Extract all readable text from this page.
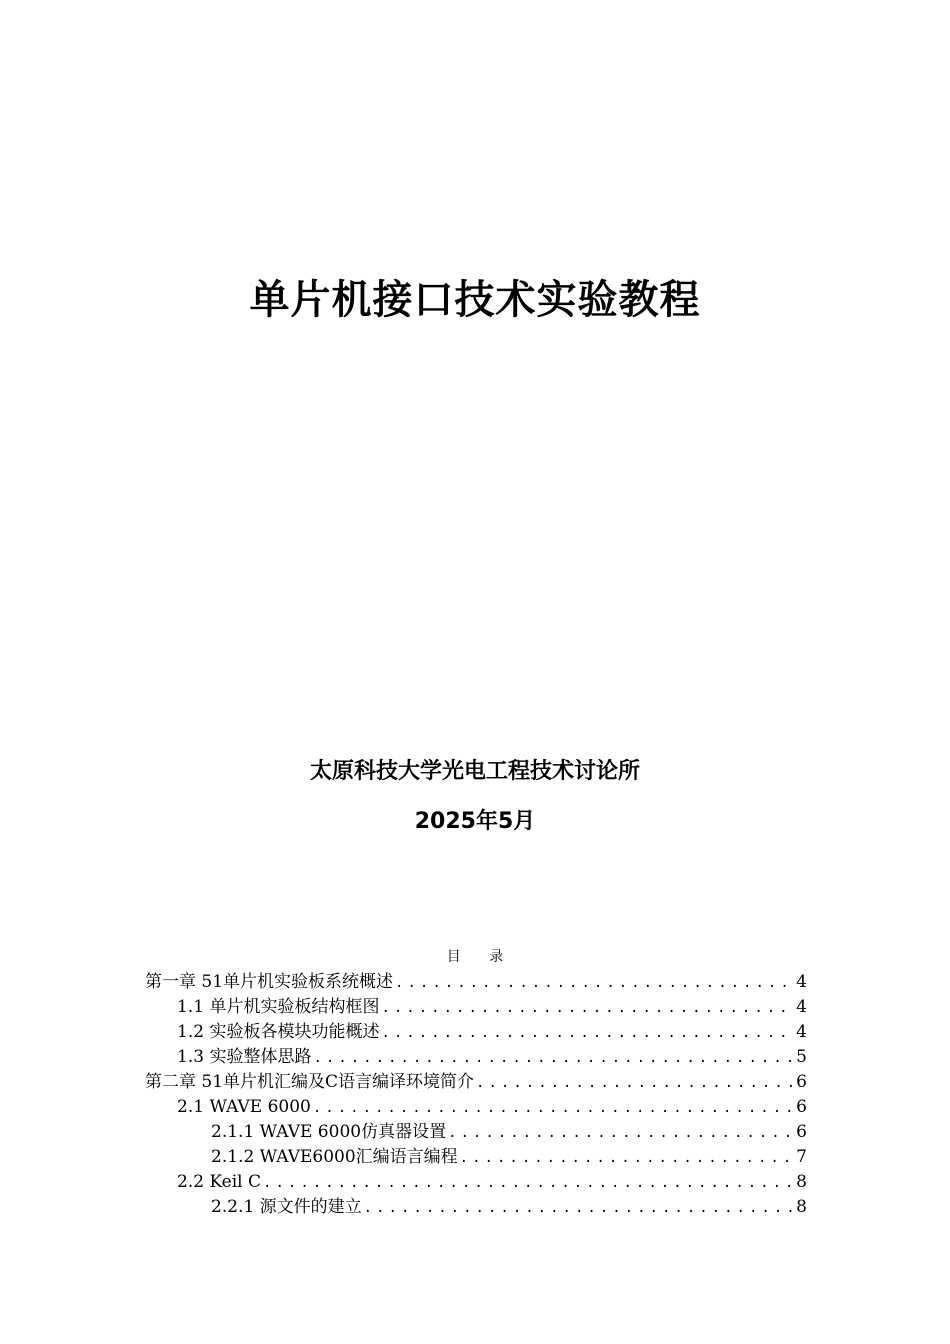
单片机接口技术实验教程
太原科技大学光电工程技术讨论所
2025年5月
目 录
第一章 51单片机实验板系统概述 .....	4
1.1 单片机实验板结构框图 .....	4
1.2 实验板各模块功能概述 .....	4
1.3 实验整体思路 .....	5
第二章 51单片机汇编及C语言编译环境简介 .....	6
2.1 WAVE 6000 .....	6
2.1.1 WAVE 6000仿真器设置 .....	6
2.1.2 WAVE6000汇编语言编程 .....	7
2.2 Keil C .....	8
2.2.1 源文件的建立 .....	8
